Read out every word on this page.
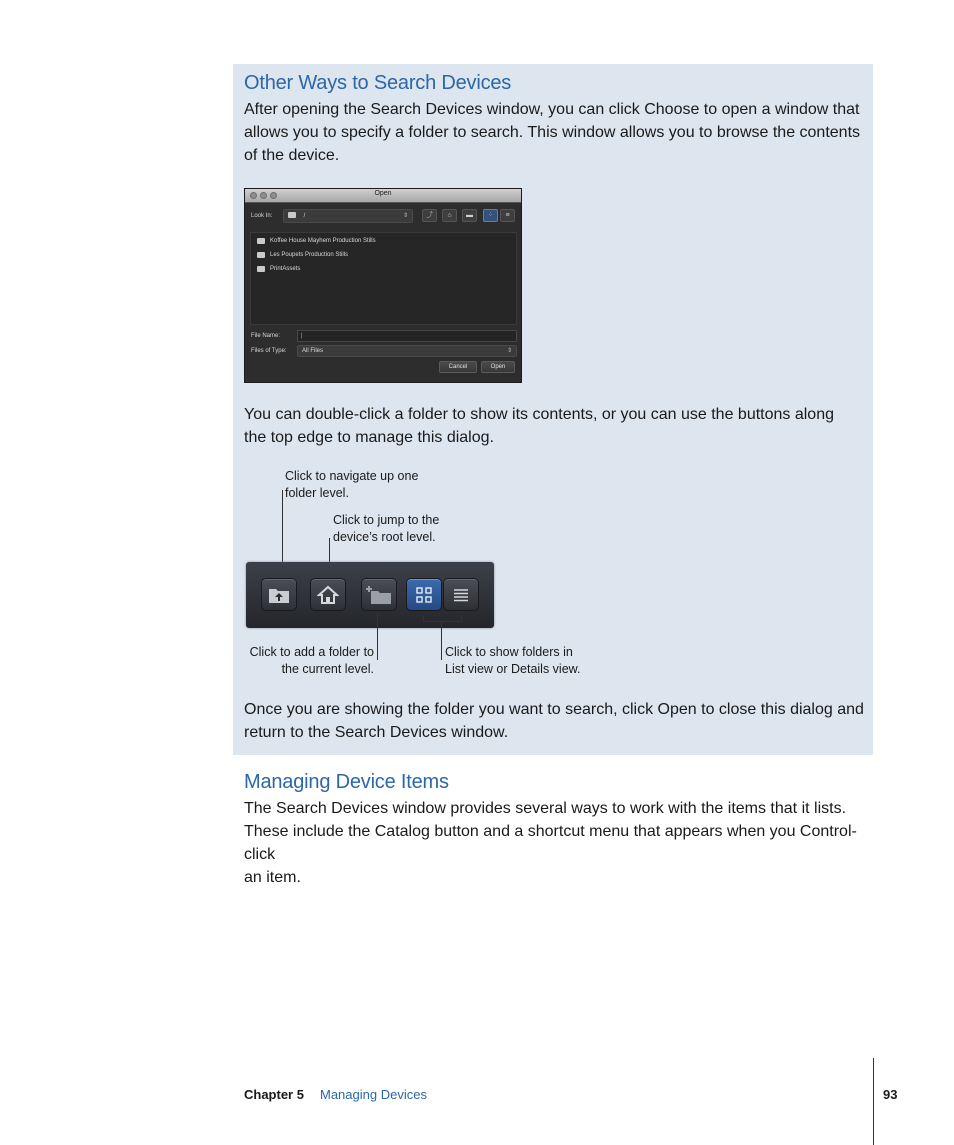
Other Ways to Search Devices
After opening the Search Devices window, you can click Choose to open a window that
allows you to specify a folder to search. This window allows you to browse the contents
of the device.
Open
Look In:	/	⇕	⤴	⌂	▬	⁘	≡
Koffee House Mayhem Production Stills
Les Poupets Production Stills
PrintAssets
File Name:	|
Files of Type:	All Files	⇕
Cancel	Open
You can double-click a folder to show its contents, or you can use the buttons along
the top edge to manage this dialog.
Click to navigate up one
folder level.
Click to jump to the
device’s root level.
Click to add a folder to
the current level.
Click to show folders in
List view or Details view.
Once you are showing the folder you want to search, click Open to close this dialog and
return to the Search Devices window.
Managing Device Items
The Search Devices window provides several ways to work with the items that it lists.
These include the Catalog button and a shortcut menu that appears when you Control-click
an item.
Chapter 5 Managing Devices	93
